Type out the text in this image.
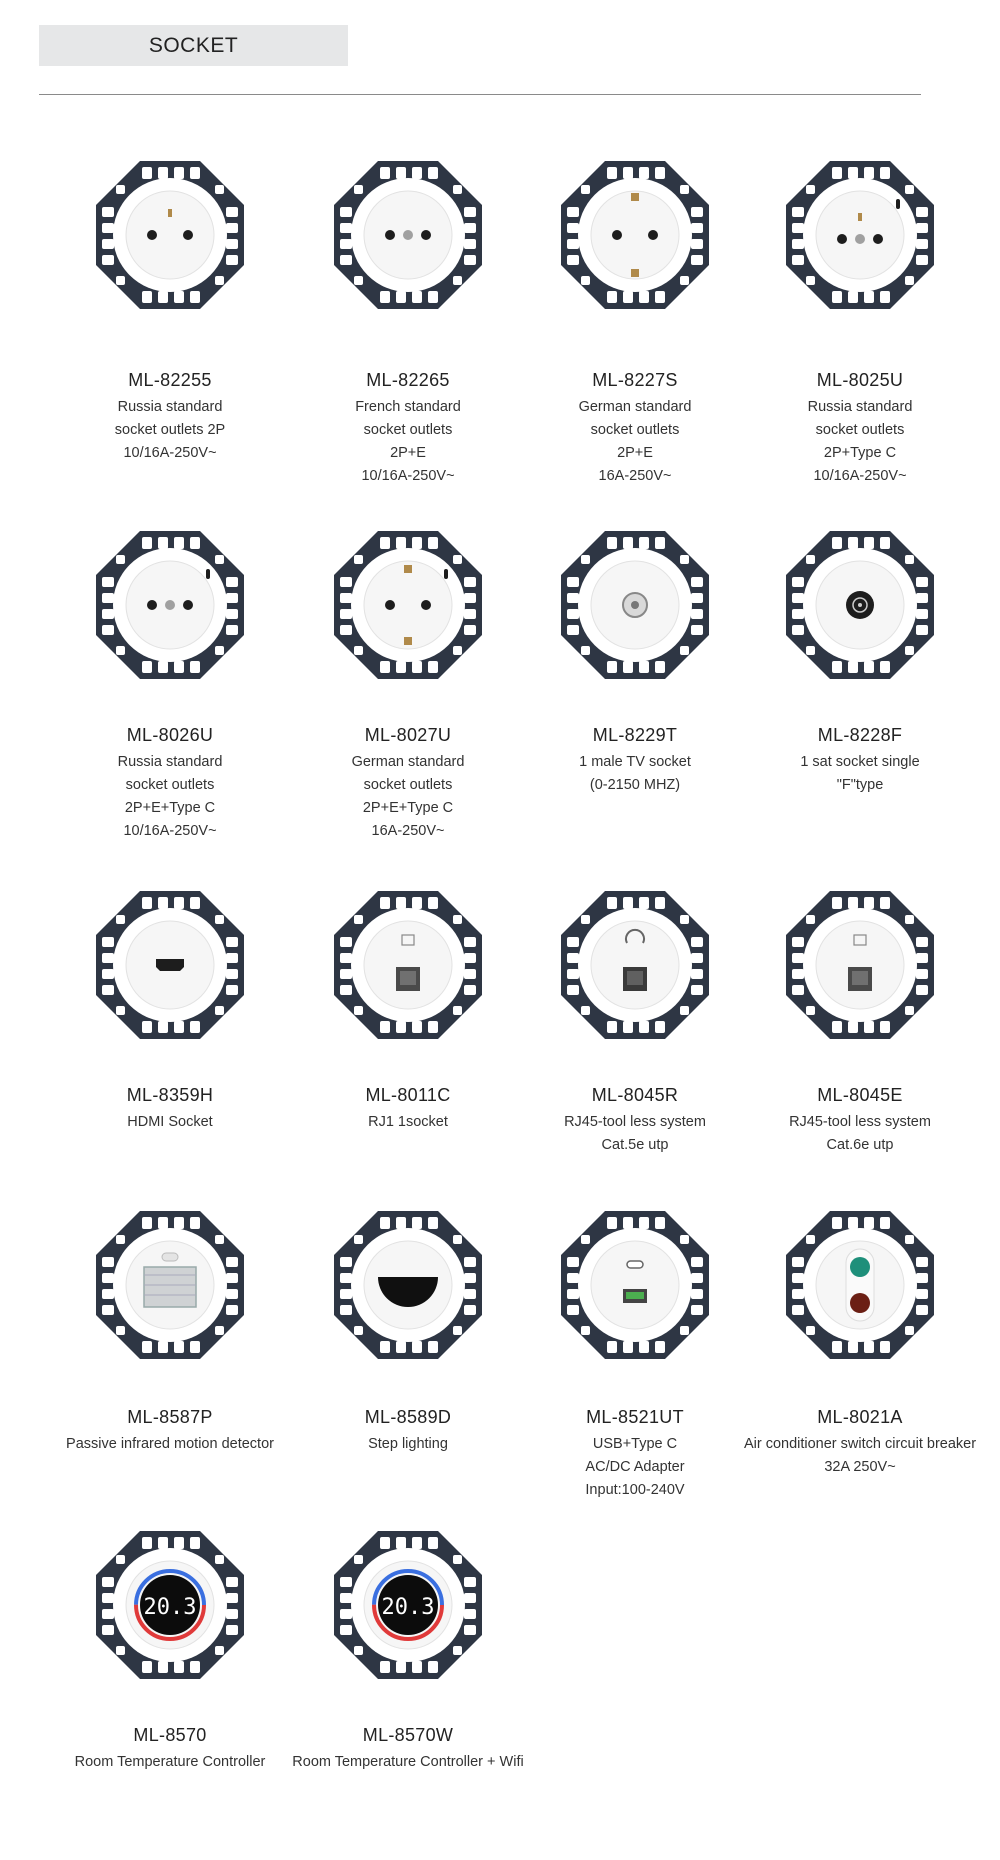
SOCKET
ML-82255
Russia standard
socket outlets 2P
10/16A-250V~
ML-82265
French standard
socket outlets
2P+E
10/16A-250V~
ML-8227S
German standard
socket outlets
2P+E
16A-250V~
ML-8025U
Russia standard
socket outlets
2P+Type C
10/16A-250V~
ML-8026U
Russia standard
socket outlets
2P+E+Type C
10/16A-250V~
ML-8027U
German standard
socket outlets
2P+E+Type C
16A-250V~
ML-8229T
1 male TV socket
(0-2150 MHZ)
ML-8228F
1 sat socket single
"F"type
ML-8359H
HDMI Socket
ML-8011C
RJ1 1socket
ML-8045R
RJ45-tool less system
Cat.5e utp
ML-8045E
RJ45-tool less system
Cat.6e utp
ML-8587P
Passive infrared motion detector
ML-8589D
Step lighting
ML-8521UT
USB+Type C
AC/DC Adapter
Input:100-240V
ML-8021A
Air conditioner switch circuit breaker
32A 250V~
20.3
ML-8570
Room Temperature Controller
20.3
ML-8570W
Room Temperature Controller + Wifi
